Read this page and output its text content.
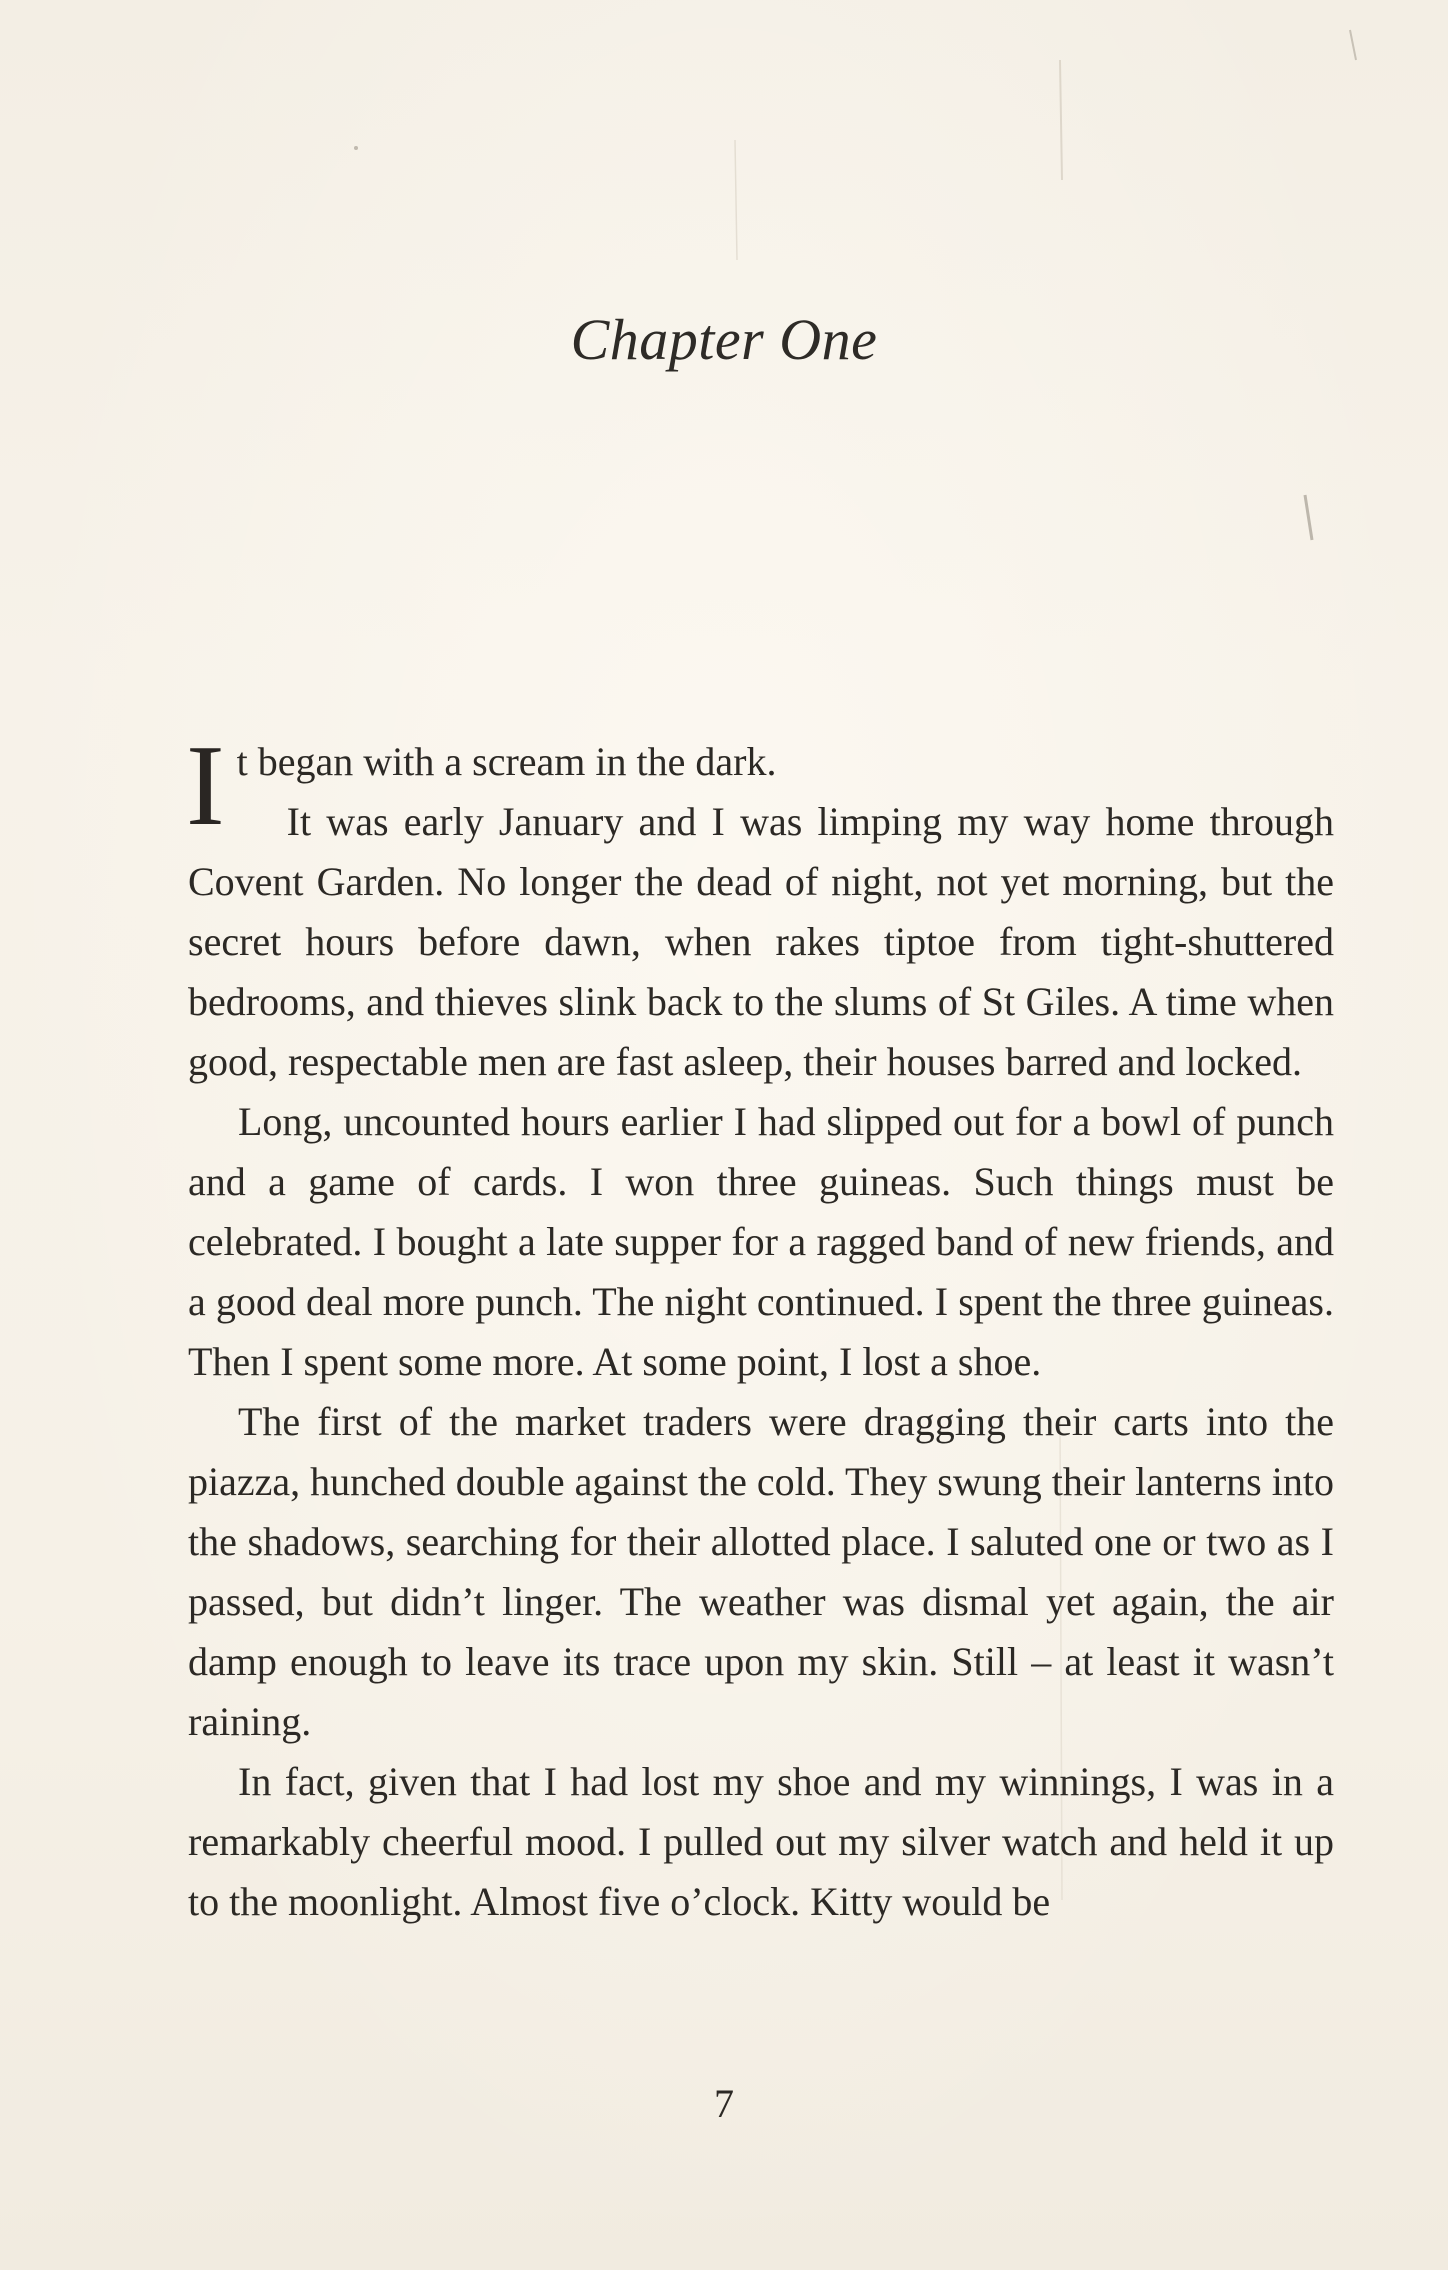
Chapter One

It began with a scream in the dark.

It was early January and I was limping my way home through Covent Garden. No longer the dead of night, not yet morning, but the secret hours before dawn, when rakes tiptoe from tight-shuttered bedrooms, and thieves slink back to the slums of St Giles. A time when good, respectable men are fast asleep, their houses barred and locked.

Long, uncounted hours earlier I had slipped out for a bowl of punch and a game of cards. I won three guineas. Such things must be celebrated. I bought a late supper for a ragged band of new friends, and a good deal more punch. The night continued. I spent the three guineas. Then I spent some more. At some point, I lost a shoe.

The first of the market traders were dragging their carts into the piazza, hunched double against the cold. They swung their lanterns into the shadows, searching for their allotted place. I saluted one or two as I passed, but didn’t linger. The weather was dismal yet again, the air damp enough to leave its trace upon my skin. Still – at least it wasn’t raining.

In fact, given that I had lost my shoe and my winnings, I was in a remarkably cheerful mood. I pulled out my silver watch and held it up to the moonlight. Almost five o’clock. Kitty would be

7
